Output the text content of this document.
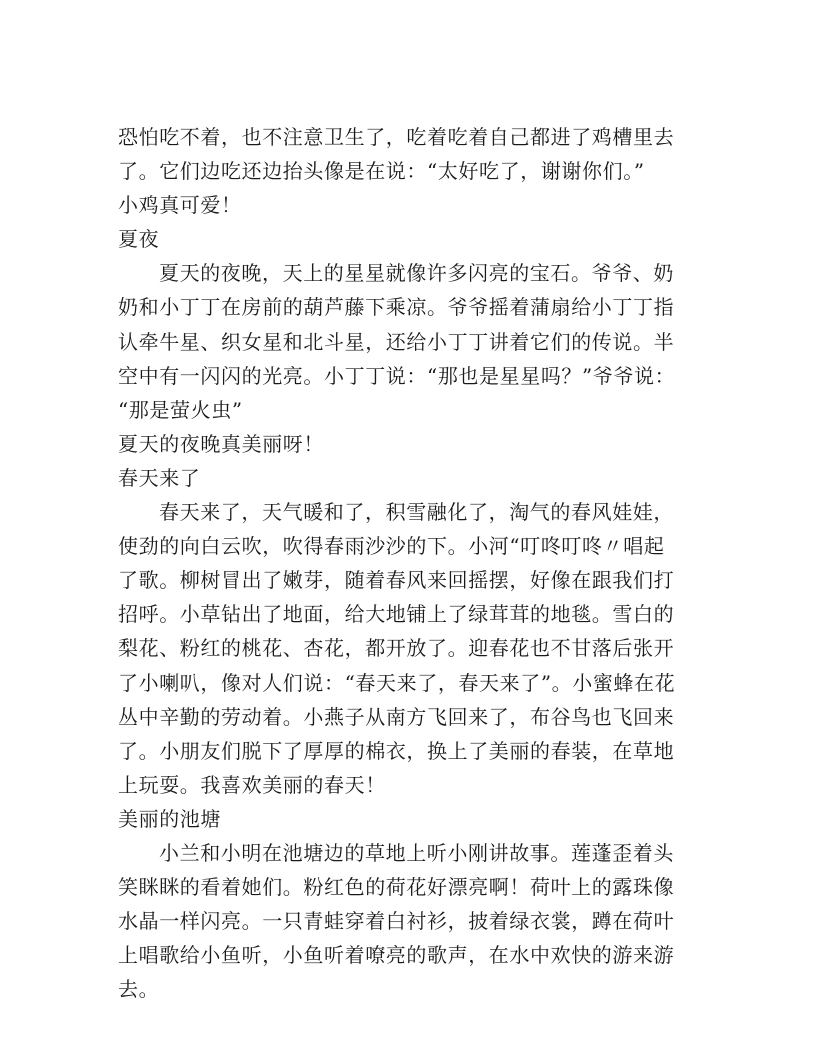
恐怕吃不着，也不注意卫生了，吃着吃着自己都进了鸡槽里去
了。它们边吃还边抬头像是在说：“太好吃了，谢谢你们。”
小鸡真可爱！
夏夜
夏天的夜晚，天上的星星就像许多闪亮的宝石。爷爷、奶
奶和小丁丁在房前的葫芦藤下乘凉。爷爷摇着蒲扇给小丁丁指
认牵牛星、织女星和北斗星，还给小丁丁讲着它们的传说。半
空中有一闪闪的光亮。小丁丁说：“那也是星星吗？”爷爷说：
“那是萤火虫”
夏天的夜晚真美丽呀！
春天来了
春天来了，天气暖和了，积雪融化了，淘气的春风娃娃，
使劲的向白云吹，吹得春雨沙沙的下。小河“叮咚叮咚〃唱起
了歌。柳树冒出了嫩芽，随着春风来回摇摆，好像在跟我们打
招呼。小草钻出了地面，给大地铺上了绿茸茸的地毯。雪白的
梨花、粉红的桃花、杏花，都开放了。迎春花也不甘落后张开
了小喇叭，像对人们说：“春天来了，春天来了”。小蜜蜂在花
丛中辛勤的劳动着。小燕子从南方飞回来了，布谷鸟也飞回来
了。小朋友们脱下了厚厚的棉衣，换上了美丽的春装，在草地
上玩耍。我喜欢美丽的春天！
美丽的池塘
小兰和小明在池塘边的草地上听小刚讲故事。莲蓬歪着头
笑眯眯的看着她们。粉红色的荷花好漂亮啊！荷叶上的露珠像
水晶一样闪亮。一只青蛙穿着白衬衫，披着绿衣裳，蹲在荷叶
上唱歌给小鱼听，小鱼听着嘹亮的歌声，在水中欢快的游来游
去。
